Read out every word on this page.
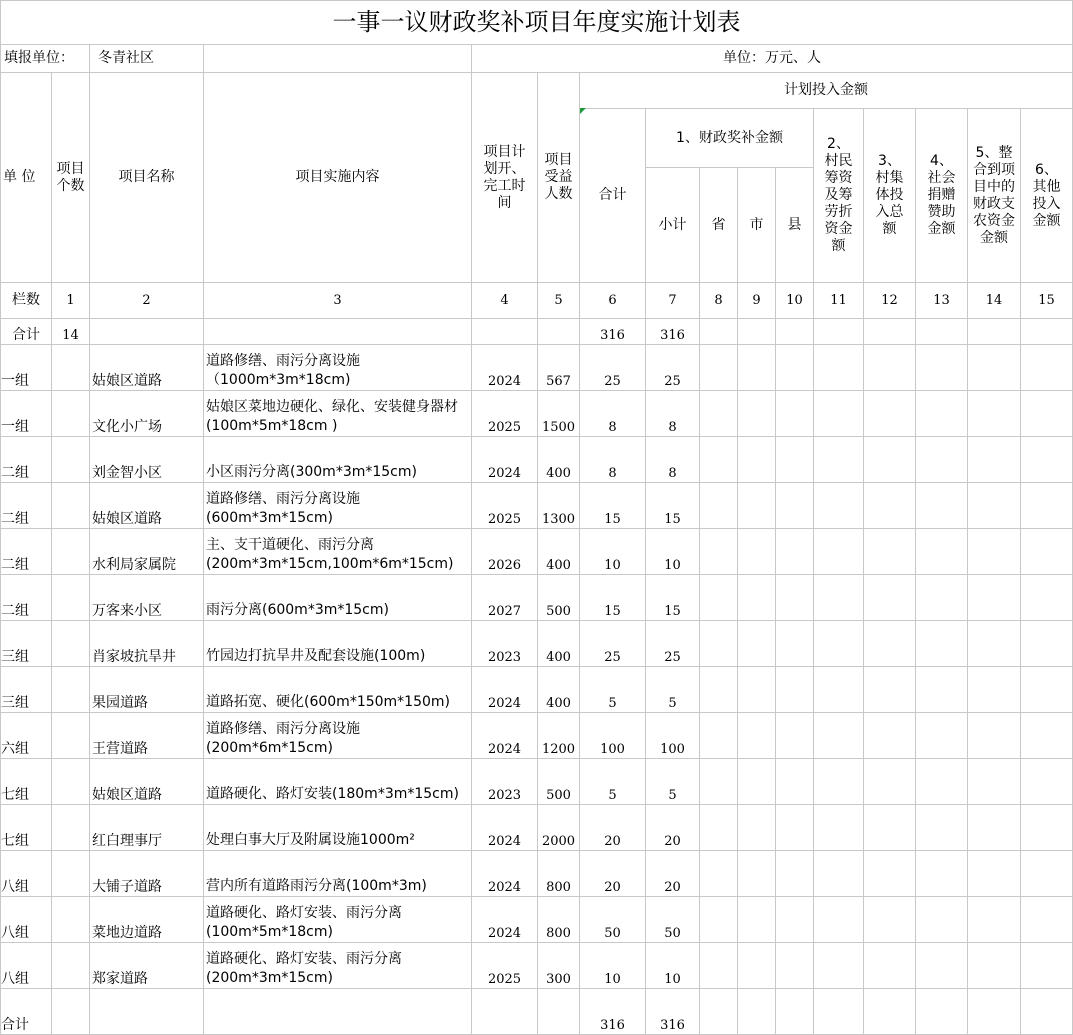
一事一议财政奖补项目年度实施计划表															
填报单位：		冬青社区		单位：万元、人											
单 位	项目个数	项目名称	项目实施内容	项目计划开、完工时间	项目受益人数	计划投入金额									
						合计	1、财政奖补金额				2、村民筹资及筹劳折资金额	3、村集体投入总额	4、社会捐赠赞助金额	5、整合到项目中的财政支农资金金额	6、其他投入金额
							小计	省	市	县					
栏数	1	2	3	4	5	6	7	8	9	10	11	12	13	14	15
合计	14					316	316								
一组		姑娘区道路	道路修缮、雨污分离设施（1000m*3m*18cm)	2024	567	25	25								
一组		文化小广场	姑娘区菜地边硬化、绿化、安装健身器材(100m*5m*18cm )	2025	1500	8	8								
二组		刘金智小区	小区雨污分离(300m*3m*15cm)	2024	400	8	8								
二组		姑娘区道路	道路修缮、雨污分离设施(600m*3m*15cm)	2025	1300	15	15								
二组		水利局家属院	主、支干道硬化、雨污分离(200m*3m*15cm,100m*6m*15cm)	2026	400	10	10								
二组		万客来小区	雨污分离(600m*3m*15cm)	2027	500	15	15								
三组		肖家坡抗旱井	竹园边打抗旱井及配套设施(100m)	2023	400	25	25								
三组		果园道路	道路拓宽、硬化(600m*150m*150m)	2024	400	5	5								
六组		王营道路	道路修缮、雨污分离设施(200m*6m*15cm)	2024	1200	100	100								
七组		姑娘区道路	道路硬化、路灯安装(180m*3m*15cm)	2023	500	5	5								
七组		红白理事厅	处理白事大厅及附属设施1000m²	2024	2000	20	20								
八组		大铺子道路	营内所有道路雨污分离(100m*3m)	2024	800	20	20								
八组		菜地边道路	道路硬化、路灯安装、雨污分离(100m*5m*18cm)	2024	800	50	50								
八组		郑家道路	道路硬化、路灯安装、雨污分离(200m*3m*15cm)	2025	300	10	10								
合计						316	316								
